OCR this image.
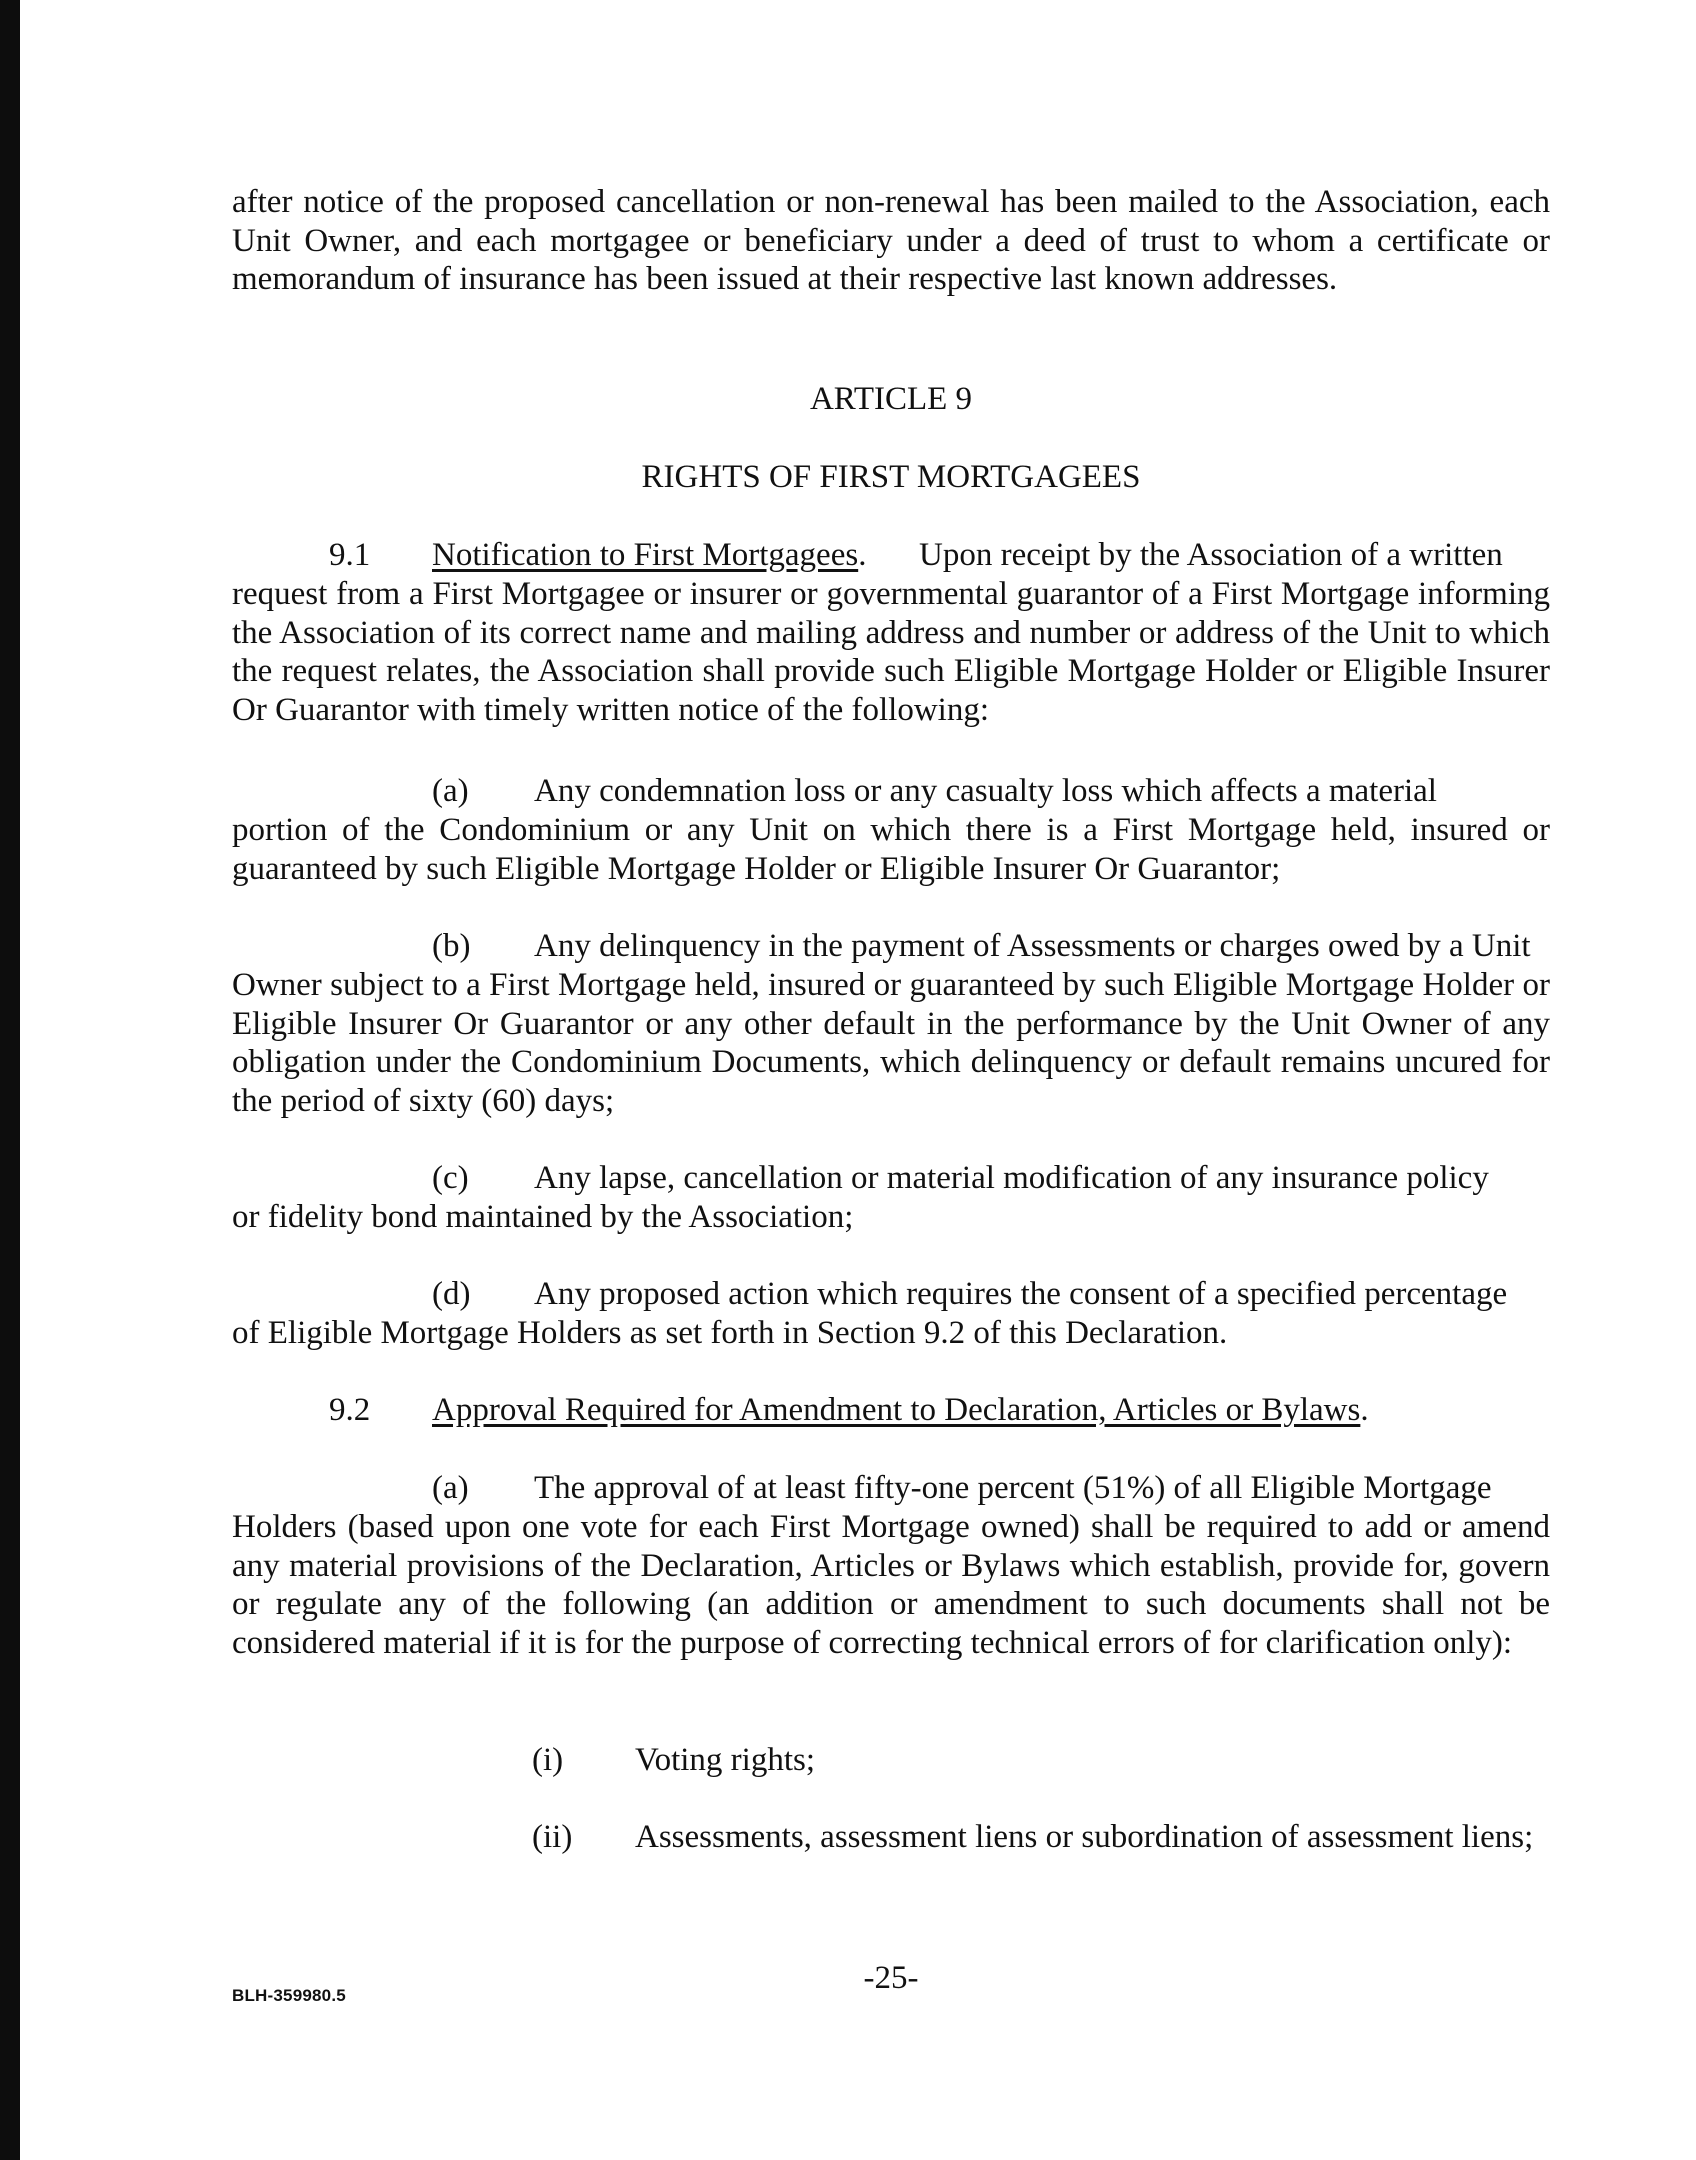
after notice of the proposed cancellation or non-renewal has been mailed to the Association, each Unit Owner, and each mortgagee or beneficiary under a deed of trust to whom a certificate or memorandum of insurance has been issued at their respective last known addresses.

ARTICLE 9
RIGHTS OF FIRST MORTGAGEES
9.1 Notification to First Mortgagees. Upon receipt by the Association of a written

request from a First Mortgagee or insurer or governmental guarantor of a First Mortgage informing the Association of its correct name and mailing address and number or address of the Unit to which the request relates, the Association shall provide such Eligible Mortgage Holder or Eligible Insurer Or Guarantor with timely written notice of the following:

(a) Any condemnation loss or any casualty loss which affects a material

portion of the Condominium or any Unit on which there is a First Mortgage held, insured or guaranteed by such Eligible Mortgage Holder or Eligible Insurer Or Guarantor;

(b) Any delinquency in the payment of Assessments or charges owed by a Unit

Owner subject to a First Mortgage held, insured or guaranteed by such Eligible Mortgage Holder or Eligible Insurer Or Guarantor or any other default in the performance by the Unit Owner of any obligation under the Condominium Documents, which delinquency or default remains uncured for the period of sixty (60) days;

(c) Any lapse, cancellation or material modification of any insurance policy

or fidelity bond maintained by the Association;

(d) Any proposed action which requires the consent of a specified percentage

of Eligible Mortgage Holders as set forth in Section 9.2 of this Declaration.

9.2 Approval Required for Amendment to Declaration, Articles or Bylaws.
(a) The approval of at least fifty-one percent (51%) of all Eligible Mortgage

Holders (based upon one vote for each First Mortgage owned) shall be required to add or amend any material provisions of the Declaration, Articles or Bylaws which establish, provide for, govern or regulate any of the following (an addition or amendment to such documents shall not be considered material if it is for the purpose of correcting technical errors of for clarification only):

(i) Voting rights;
(ii) Assessments, assessment liens or subordination of assessment liens;
BLH-359980.5	-25-
